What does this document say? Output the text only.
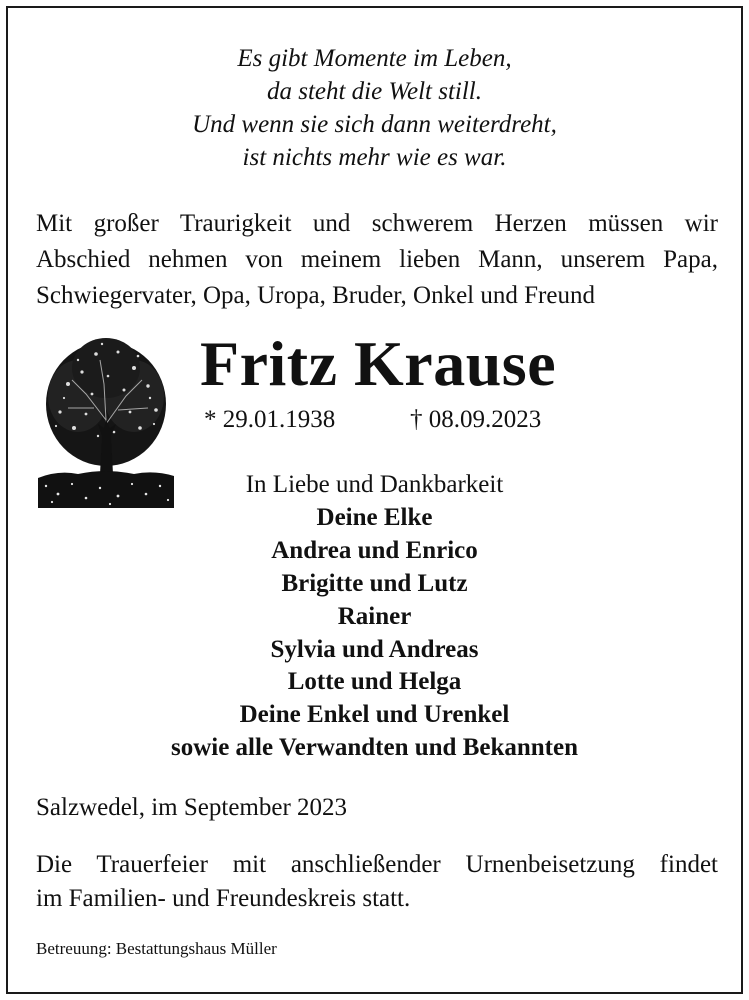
Es gibt Momente im Leben,
da steht die Welt still.
Und wenn sie sich dann weiterdreht,
ist nichts mehr wie es war.
Mit großer Traurigkeit und schwerem Herzen müssen wir
Abschied nehmen von meinem lieben Mann, unserem Papa,
Schwiegervater, Opa, Uropa, Bruder, Onkel und Freund
Fritz Krause
* 29.01.1938	† 08.09.2023
In Liebe und Dankbarkeit
Deine Elke
Andrea und Enrico
Brigitte und Lutz
Rainer
Sylvia und Andreas
Lotte und Helga
Deine Enkel und Urenkel
sowie alle Verwandten und Bekannten
Salzwedel, im September 2023
Die Trauerfeier mit anschließender Urnenbeisetzung findet
im Familien- und Freundeskreis statt.
Betreuung: Bestattungshaus Müller
